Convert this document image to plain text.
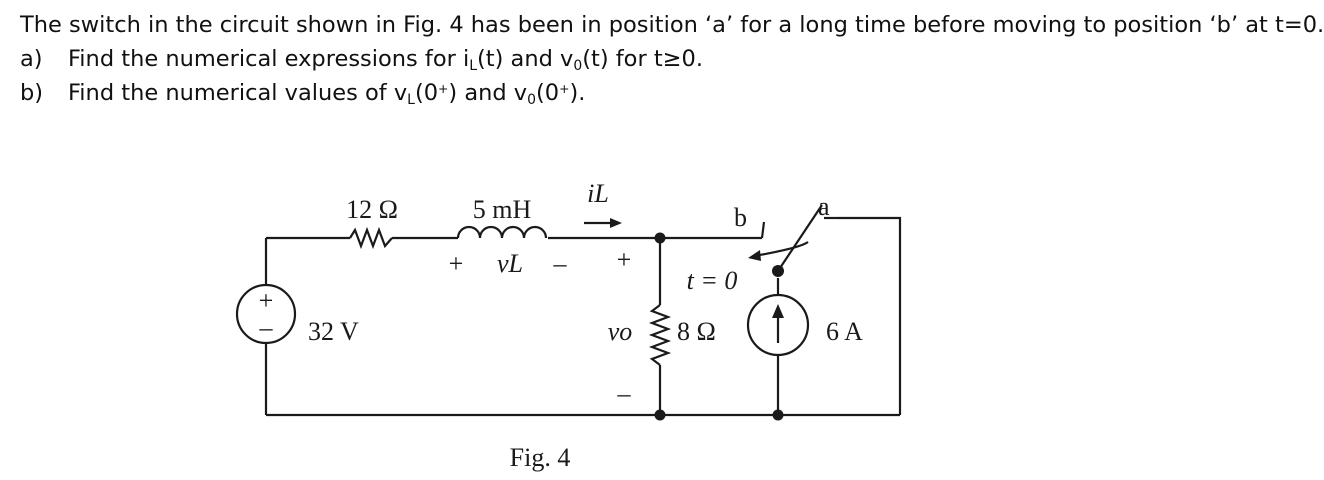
The switch in the circuit shown in Fig. 4 has been in position ‘a’ for a long time before moving to position ‘b’ at t=0.

a)	Find the numerical expressions for $i_L(t)$ and $v_0(t)$ for t≥0.
b)	Find the numerical values of $v_L(0^+)$ and $v_0(0^+)$.
+
–
12 Ω	5 mH
iL
+ vL – +
vo
–
32 V	8 Ω
b	a
t = 0
6 A
Fig. 4
